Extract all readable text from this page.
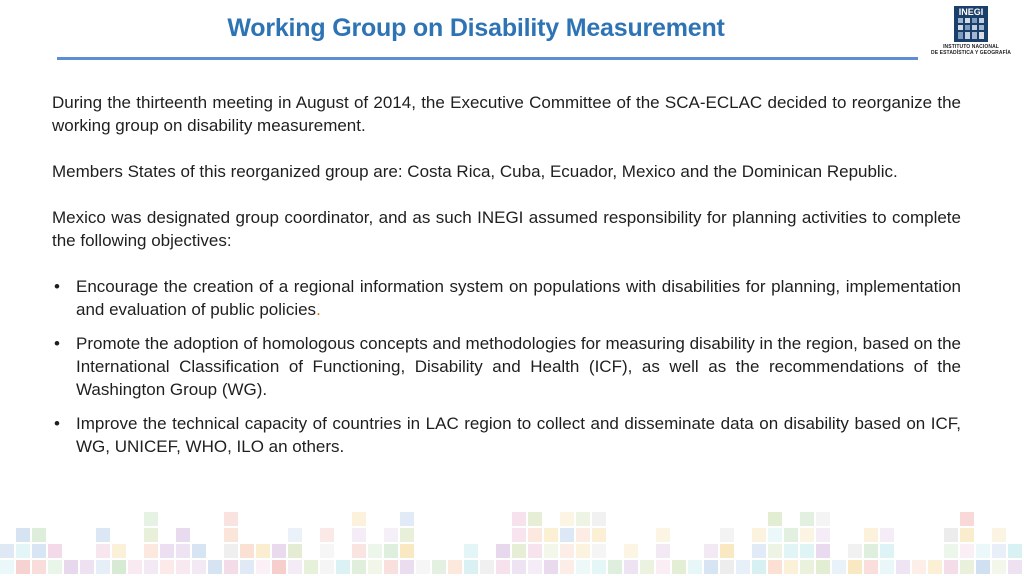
Working Group on Disability Measurement
INEGI
INSTITUTO NACIONAL
DE ESTADÍSTICA Y GEOGRAFÍA

During the thirteenth meeting in August of 2014, the Executive Committee of the SCA-ECLAC decided to reorganize the working group on disability measurement.

Members States of this reorganized group are: Costa Rica, Cuba, Ecuador, Mexico and the Dominican Republic.

Mexico was designated group coordinator, and as such INEGI assumed responsibility for planning activities to complete the following objectives:

• Encourage the creation of a regional information system on populations with disabilities for planning, implementation and evaluation of public policies.
• Promote the adoption of homologous concepts and methodologies for measuring disability in the region, based on the International Classification of Functioning, Disability and Health (ICF), as well as the recommendations of the Washington Group (WG).
• Improve the technical capacity of countries in LAC region to collect and disseminate data on disability based on ICF, WG, UNICEF, WHO, ILO an others.
